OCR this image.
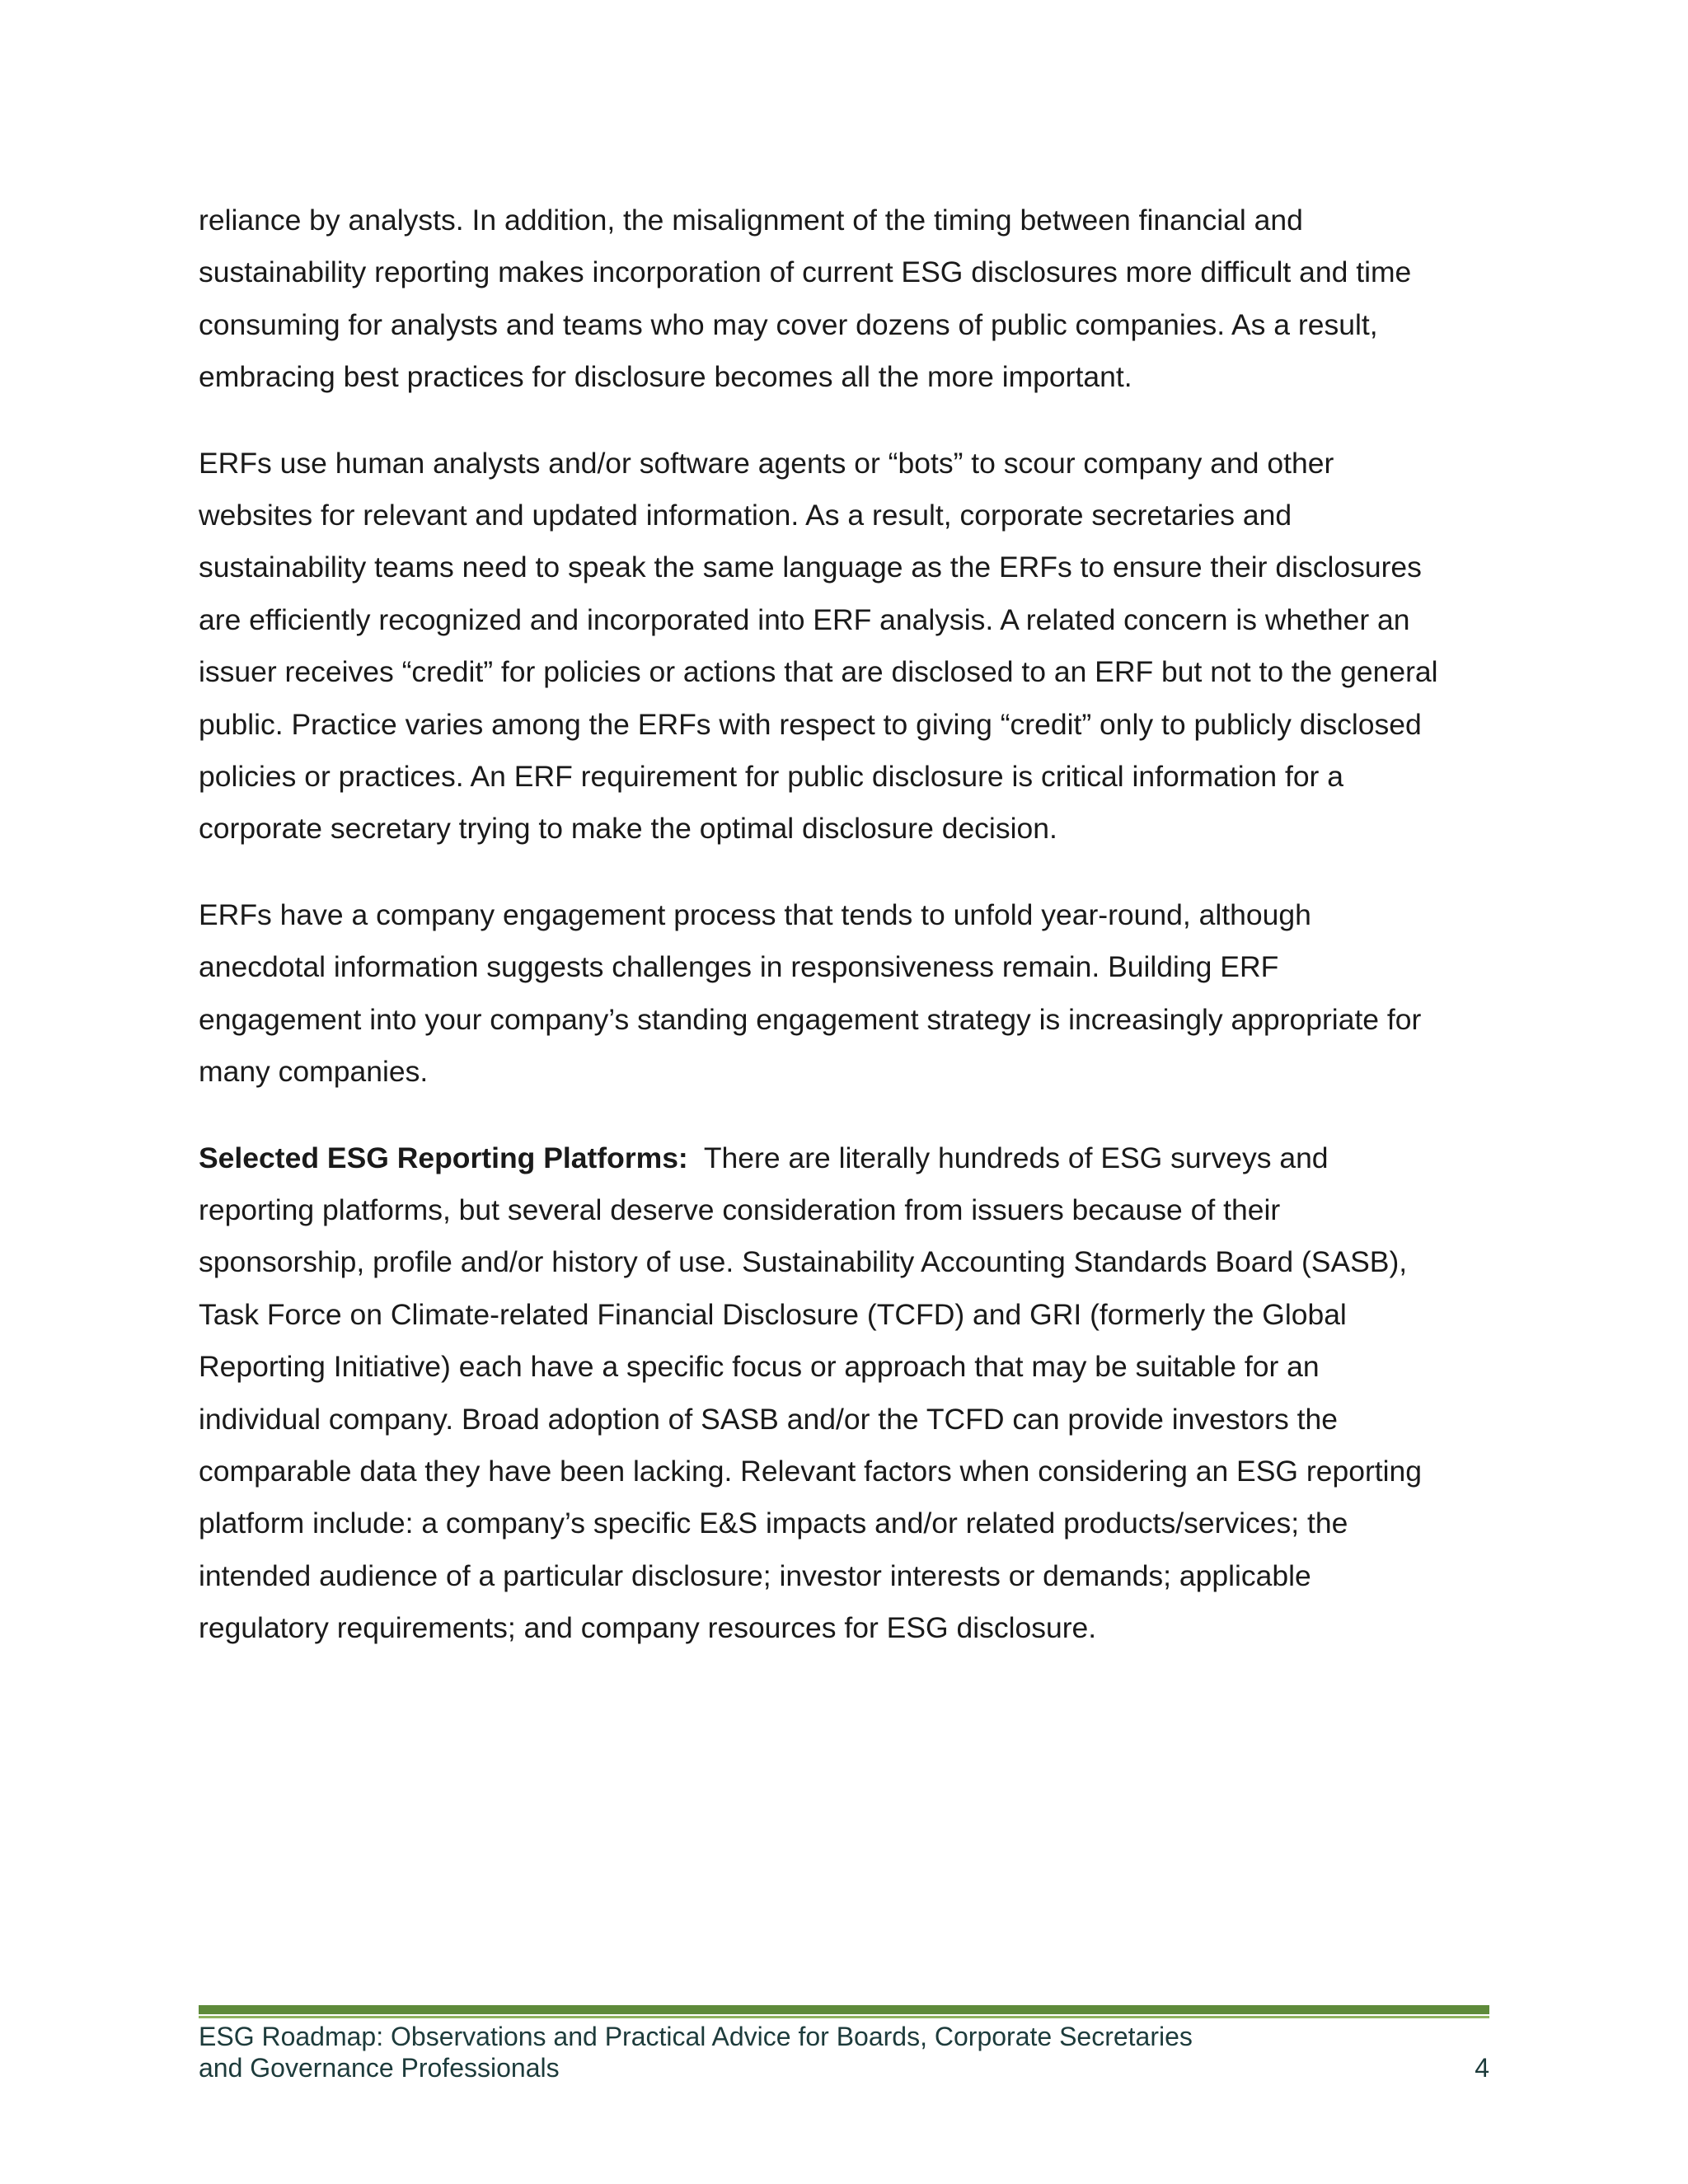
reliance by analysts. In addition, the misalignment of the timing between financial and
sustainability reporting makes incorporation of current ESG disclosures more difficult and time
consuming for analysts and teams who may cover dozens of public companies. As a result,
embracing best practices for disclosure becomes all the more important.

ERFs use human analysts and/or software agents or “bots” to scour company and other
websites for relevant and updated information. As a result, corporate secretaries and
sustainability teams need to speak the same language as the ERFs to ensure their disclosures
are efficiently recognized and incorporated into ERF analysis. A related concern is whether an
issuer receives “credit” for policies or actions that are disclosed to an ERF but not to the general
public. Practice varies among the ERFs with respect to giving “credit” only to publicly disclosed
policies or practices. An ERF requirement for public disclosure is critical information for a
corporate secretary trying to make the optimal disclosure decision.

ERFs have a company engagement process that tends to unfold year-round, although
anecdotal information suggests challenges in responsiveness remain. Building ERF
engagement into your company’s standing engagement strategy is increasingly appropriate for
many companies.

Selected ESG Reporting Platforms:  There are literally hundreds of ESG surveys and
reporting platforms, but several deserve consideration from issuers because of their
sponsorship, profile and/or history of use. Sustainability Accounting Standards Board (SASB),
Task Force on Climate-related Financial Disclosure (TCFD) and GRI (formerly the Global
Reporting Initiative) each have a specific focus or approach that may be suitable for an
individual company. Broad adoption of SASB and/or the TCFD can provide investors the
comparable data they have been lacking. Relevant factors when considering an ESG reporting
platform include: a company’s specific E&S impacts and/or related products/services; the
intended audience of a particular disclosure; investor interests or demands; applicable
regulatory requirements; and company resources for ESG disclosure.

ESG Roadmap: Observations and Practical Advice for Boards, Corporate Secretaries
and Governance Professionals	4
